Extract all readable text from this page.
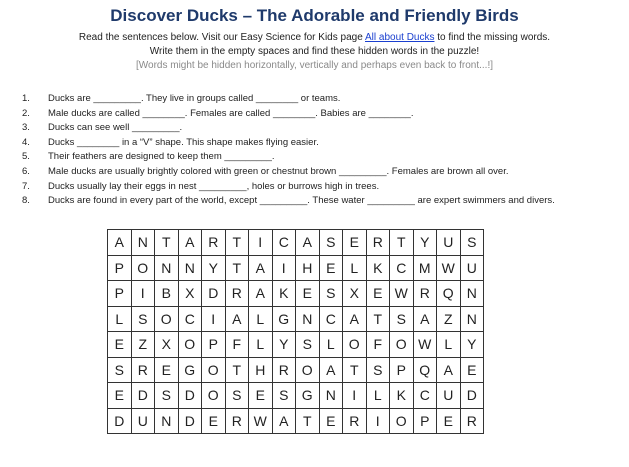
Discover Ducks – The Adorable and Friendly Birds
Read the sentences below. Visit our Easy Science for Kids page All about Ducks to find the missing words.
Write them in the empty spaces and find these hidden words in the puzzle!
[Words might be hidden horizontally, vertically and perhaps even back to front...!]
1.	Ducks are _________. They live in groups called ________ or teams.
2.	Male ducks are called ________. Females are called ________. Babies are ________.
3.	Ducks can see well _________.
4.	Ducks ________ in a “V” shape. This shape makes flying easier.
5.	Their feathers are designed to keep them _________.
6.	Male ducks are usually brightly colored with green or chestnut brown _________. Females are brown all over.
7.	Ducks usually lay their eggs in nest _________, holes or burrows high in trees.
8.	Ducks are found in every part of the world, except _________. These water _________ are expert swimmers and divers.
A	N	T	A	R	T	I	C	A	S	E	R	T	Y	U	S
P	O	N	N	Y	T	A	I	H	E	L	K	C	M	W	U
P	I	B	X	D	R	A	K	E	S	X	E	W	R	Q	N
L	S	O	C	I	A	L	G	N	C	A	T	S	A	Z	N
E	Z	X	O	P	F	L	Y	S	L	O	F	O	W	L	Y
S	R	E	G	O	T	H	R	O	A	T	S	P	Q	A	E
E	D	S	D	O	S	E	S	G	N	I	L	K	C	U	D
D	U	N	D	E	R	W	A	T	E	R	I	O	P	E	R
